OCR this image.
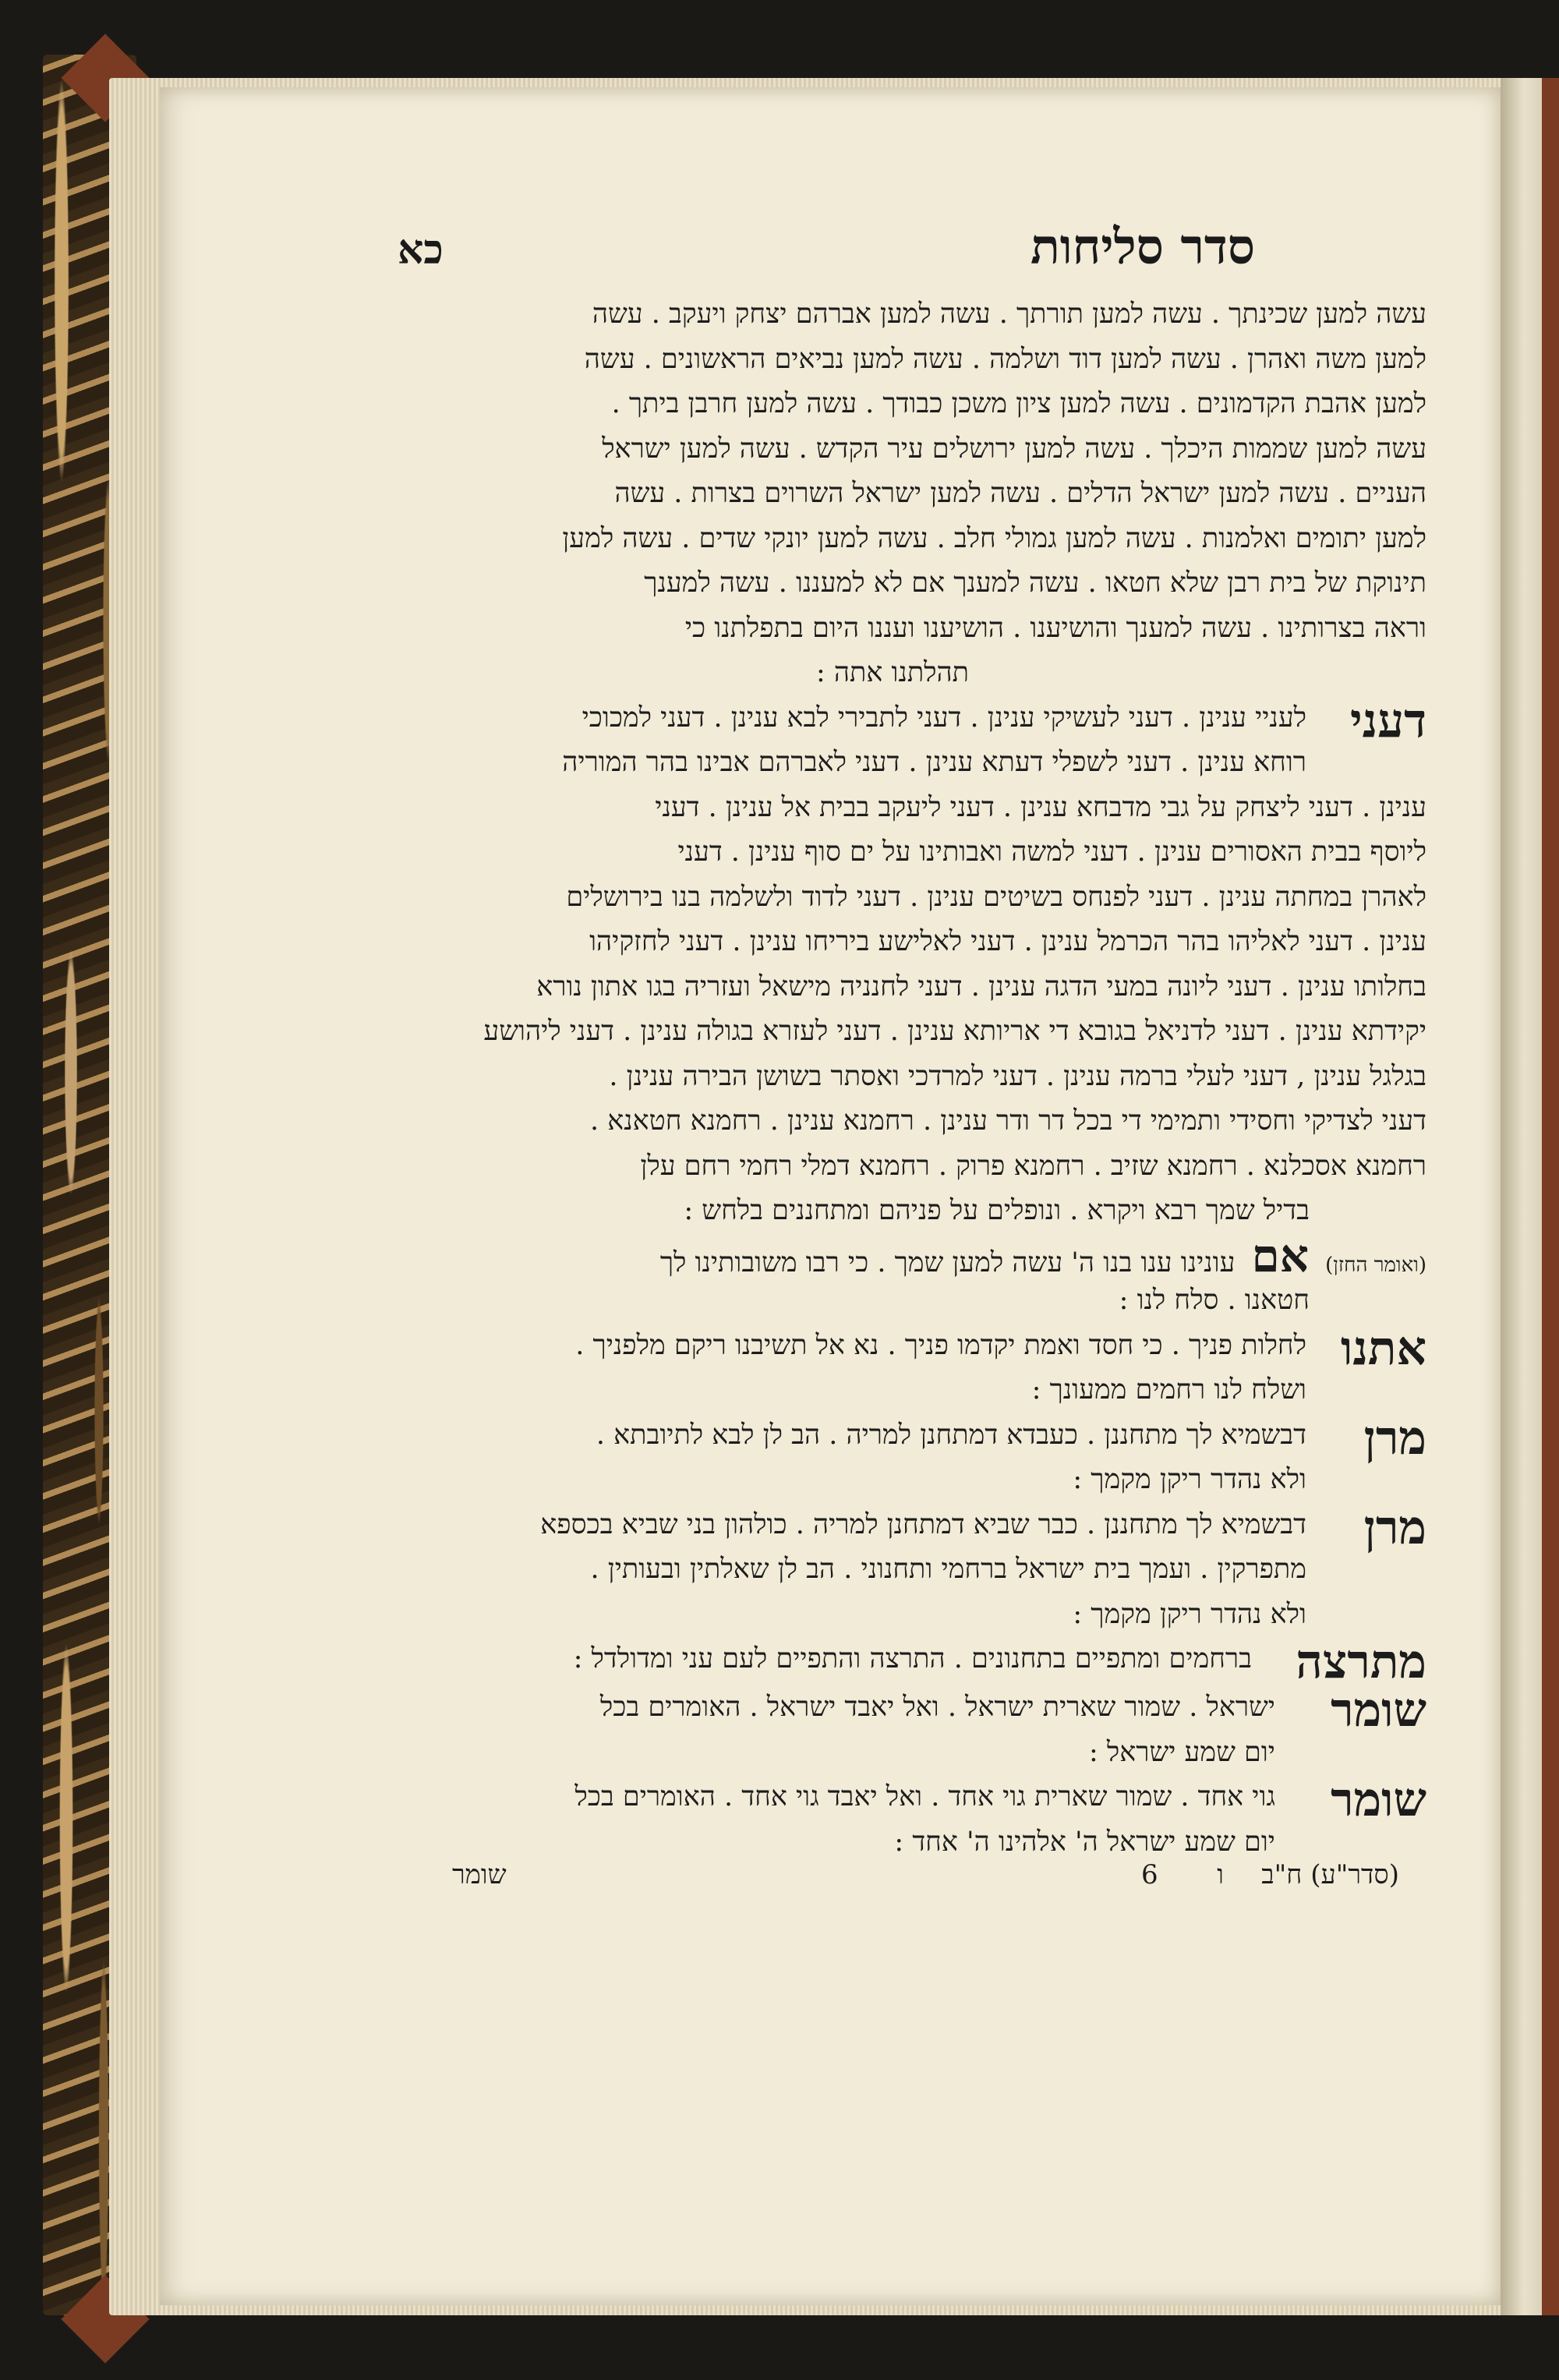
סדר סליחות
כא
עשה למען שכינתך . עשה למען תורתך . עשה למען אברהם יצחק ויעקב . עשה
למען משה ואהרן . עשה למען דוד ושלמה . עשה למען נביאים הראשונים . עשה
למען אהבת הקדמונים . עשה למען ציון משכן כבודך . עשה למען חרבן ביתך .
עשה למען שממות היכלך . עשה למען ירושלים עיר הקדש . עשה למען ישראל
העניים . עשה למען ישראל הדלים . עשה למען ישראל השרוים בצרות . עשה
למען יתומים ואלמנות . עשה למען גמולי חלב . עשה למען יונקי שדים . עשה למען
תינוקת של בית רבן שלא חטאו . עשה למענך אם לא למעננו . עשה למענך
וראה בצרותינו . עשה למענך והושיענו . הושיענו ועננו היום בתפלתנו כי
תהלתנו אתה :
דעני
לעניי ענינן . דעני לעשיקי ענינן . דעני לתבירי לבא ענינן . דעני למכוכי
רוחא ענינן . דעני לשפלי דעתא ענינן . דעני לאברהם אבינו בהר המוריה
ענינן . דעני ליצחק על גבי מדבחא ענינן . דעני ליעקב בבית אל ענינן . דעני
ליוסף בבית האסורים ענינן . דעני למשה ואבותינו על ים סוף ענינן . דעני
לאהרן במחתה ענינן . דעני לפנחס בשיטים ענינן . דעני לדוד ולשלמה בנו בירושלים
ענינן . דעני לאליהו בהר הכרמל ענינן . דעני לאלישע ביריחו ענינן . דעני לחזקיהו
בחלותו ענינן . דעני ליונה במעי הדגה ענינן . דעני לחנניה מישאל ועזריה בגו אתון נורא
יקידתא ענינן . דעני לדניאל בגובא די אריותא ענינן . דעני לעזרא בגולה ענינן . דעני ליהושע
בגלגל ענינן , דעני לעלי ברמה ענינן . דעני למרדכי ואסתר בשושן הבירה ענינן .
דעני לצדיקי וחסידי ותמימי די בכל דר ודר ענינן . רחמנא ענינן . רחמנא חטאנא .
רחמנא אסכלנא . רחמנא שזיב . רחמנא פרוק . רחמנא דמלי רחמי רחם עלן
בדיל שמך רבא ויקרא . ונופלים על פניהם ומתחננים בלחש :
(ואומר החזן) אם עונינו ענו בנו ה' עשה למען שמך . כי רבו משובותינו לך
חטאנו . סלח לנו :
אתנו
לחלות פניך . כי חסד ואמת יקדמו פניך . נא אל תשיבנו ריקם מלפניך .
ושלח לנו רחמים ממעונך :
מרן
דבשמיא לך מתחננן . כעבדא דמתחנן למריה . הב לן לבא לתיובתא .
ולא נהדר ריקן מקמך :
מרן
דבשמיא לך מתחננן . כבר שביא דמתחנן למריה . כולהון בני שביא בכספא
מתפרקין . ועמך בית ישראל ברחמי ותחנוני . הב לן שאלתין ובעותין .
ולא נהדר ריקן מקמך :
מתרצה
ברחמים ומתפיים בתחנונים . התרצה והתפיים לעם עני ומדולדל :
שומר
ישראל . שמור שארית ישראל . ואל יאבד ישראל . האומרים בכל
יום שמע ישראל :
שומר
גוי אחד . שמור שארית גוי אחד . ואל יאבד גוי אחד . האומרים בכל
יום שמע ישראל ה' אלהינו ה' אחד :
(סדר"ע) ח"ב
ו       6
שומר
